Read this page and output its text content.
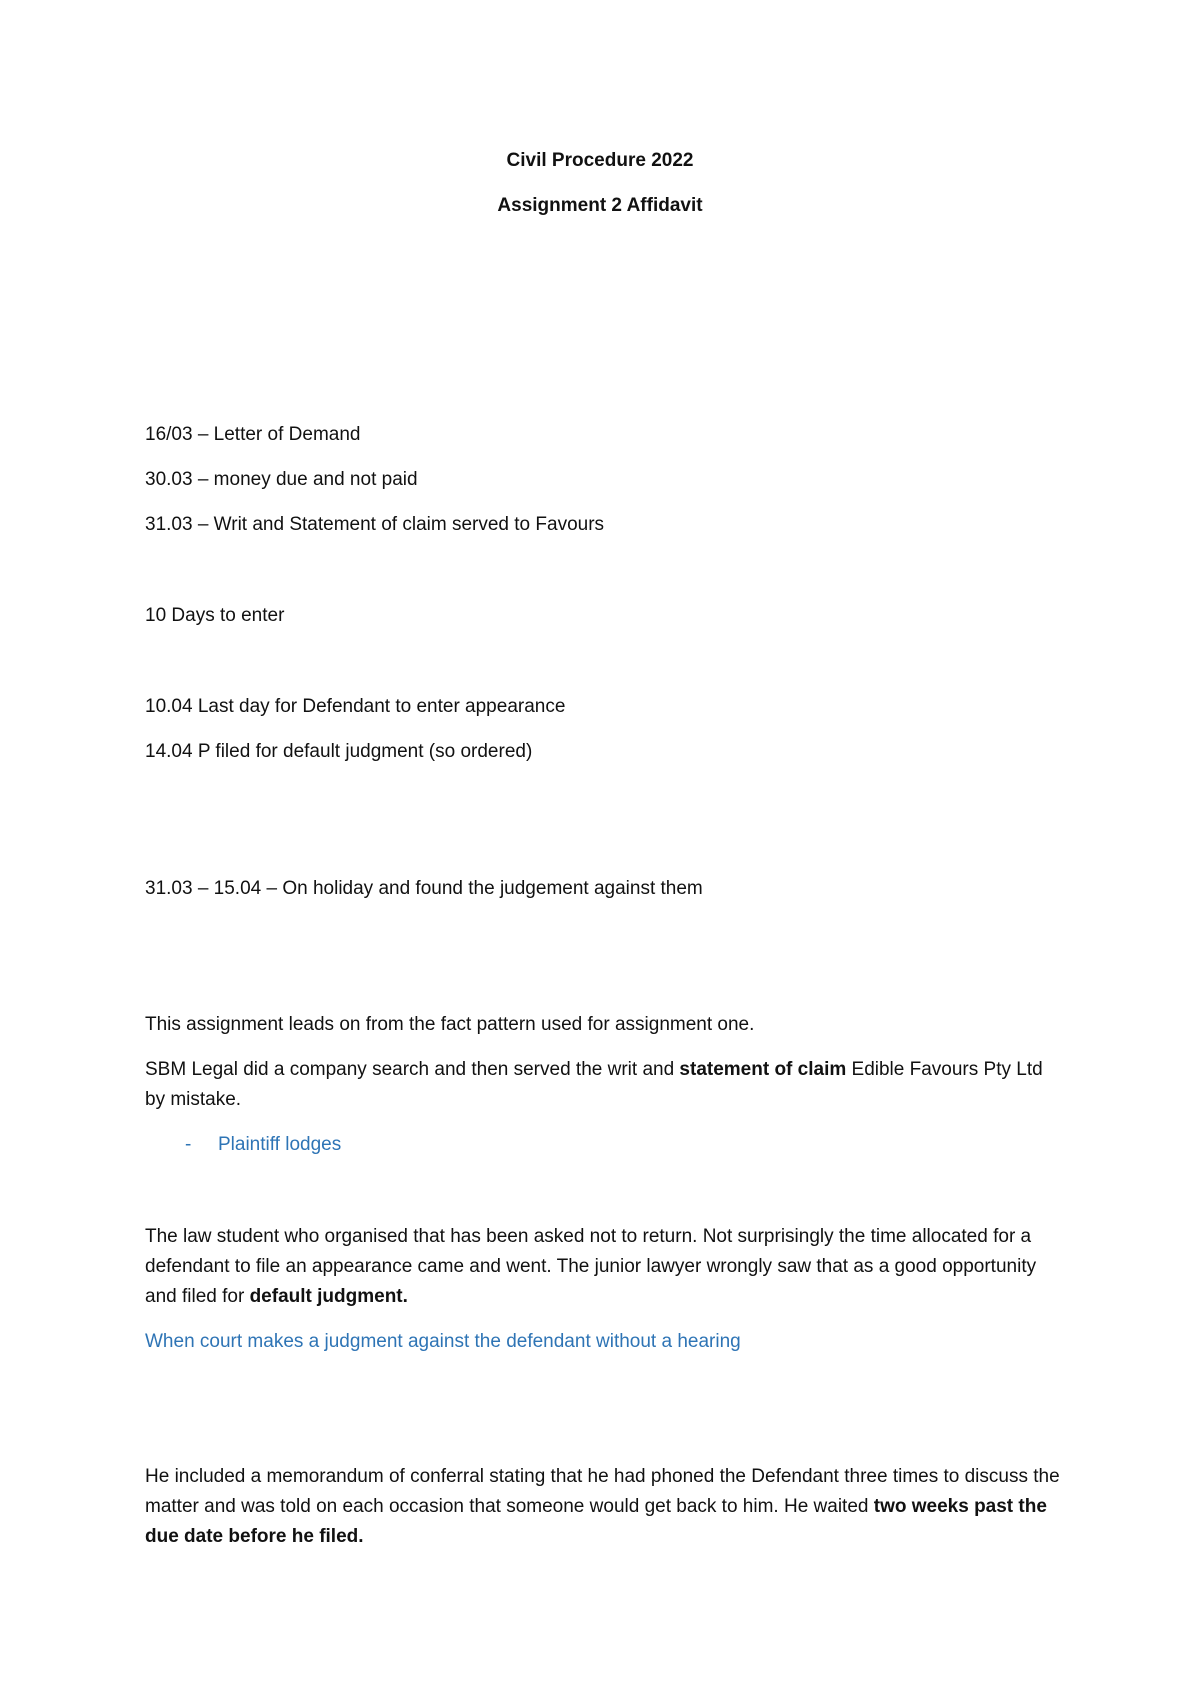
Civil Procedure 2022
Assignment 2 Affidavit
16/03 – Letter of Demand
30.03 – money due and not paid
31.03 – Writ and Statement of claim served to Favours
10 Days to enter
10.04 Last day for Defendant to enter appearance
14.04 P filed for default judgment (so ordered)
31.03 – 15.04 – On holiday and found the judgement against them
This assignment leads on from the fact pattern used for assignment one.
SBM Legal did a company search and then served the writ and statement of claim Edible Favours Pty Ltd by mistake.
- Plaintiff lodges
The law student who organised that has been asked not to return. Not surprisingly the time allocated for a defendant to file an appearance came and went. The junior lawyer wrongly saw that as a good opportunity and filed for default judgment.
When court makes a judgment against the defendant without a hearing
He included a memorandum of conferral stating that he had phoned the Defendant three times to discuss the matter and was told on each occasion that someone would get back to him. He waited two weeks past the due date before he filed.
